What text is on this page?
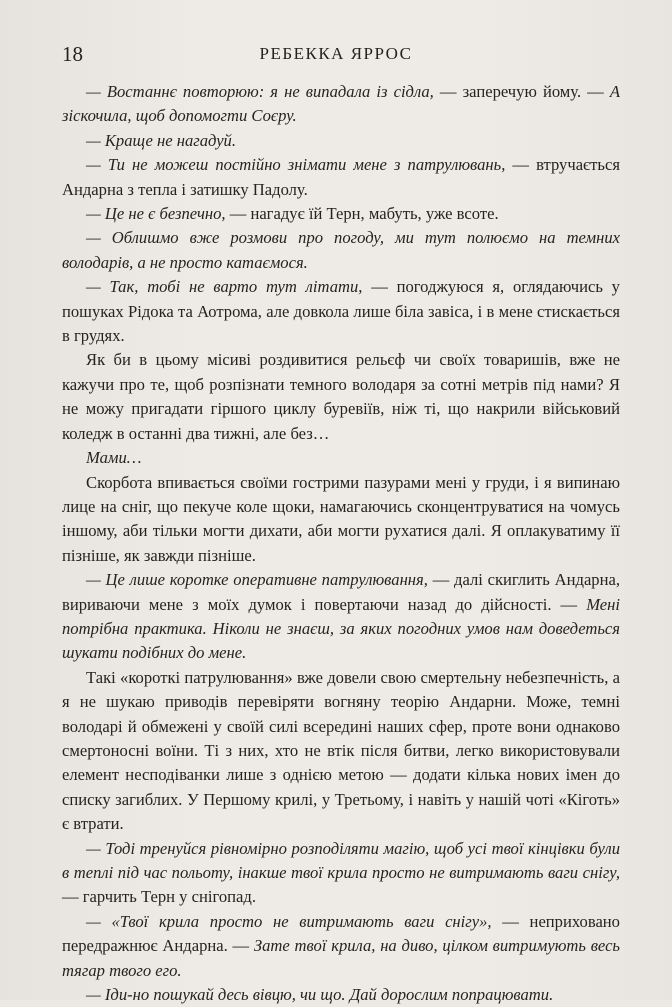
18	РЕБЕККА ЯРРОС

— Востаннє повторюю: я не випадала із сідла, — заперечую йому. — А зіскочила, щоб допомогти Соєру.

— Краще не нагадуй.

— Ти не можеш постійно знімати мене з патрулювань, — втручається Андарна з тепла і затишку Падолу.

— Це не є безпечно, — нагадує їй Терн, мабуть, уже всоте.

— Облишмо вже розмови про погоду, ми тут полюємо на темних володарів, а не просто катаємося.

— Так, тобі не варто тут літати, — погоджуюся я, оглядаючись у пошуках Рідока та Аотрома, але довкола лише біла завіса, і в мене стискається в грудях.

Як би в цьому місиві роздивитися рельєф чи своїх товаришів, вже не кажучи про те, щоб розпізнати темного володаря за сотні метрів під нами? Я не можу пригадати гіршого циклу буревіїв, ніж ті, що накрили військовий коледж в останні два тижні, але без…

Мами…

Скорбота впивається своїми гострими пазурами мені у груди, і я випинаю лице на сніг, що пекуче коле щоки, намагаючись сконцентруватися на чомусь іншому, аби тільки могти дихати, аби могти рухатися далі. Я оплакуватиму її пізніше, як завжди пізніше.

— Це лише коротке оперативне патрулювання, — далі скиглить Андарна, вириваючи мене з моїх думок і повертаючи назад до дійсності. — Мені потрібна практика. Ніколи не знаєш, за яких погодних умов нам доведеться шукати подібних до мене.

Такі «короткі патрулювання» вже довели свою смертельну небезпечність, а я не шукаю приводів перевіряти вогняну теорію Андарни. Може, темні володарі й обмежені у своїй силі всередині наших сфер, проте вони однаково смертоносні воїни. Ті з них, хто не втік після битви, легко використовували елемент несподіванки лише з однією метою — додати кілька нових імен до списку загиблих. У Першому крилі, у Третьому, і навіть у нашій чоті «Кіготь» є втрати.

— Тоді тренуйся рівномірно розподіляти магію, щоб усі твої кінцівки були в теплі під час польоту, інакше твої крила просто не витримають ваги снігу, — гарчить Терн у снігопад.

— «Твої крила просто не витримають ваги снігу», — неприховано передражнює Андарна. — Зате твої крила, на диво, цілком витримують весь тягар твого его.

— Іди-но пошукай десь вівцю, чи що. Дай дорослим попрацювати.
